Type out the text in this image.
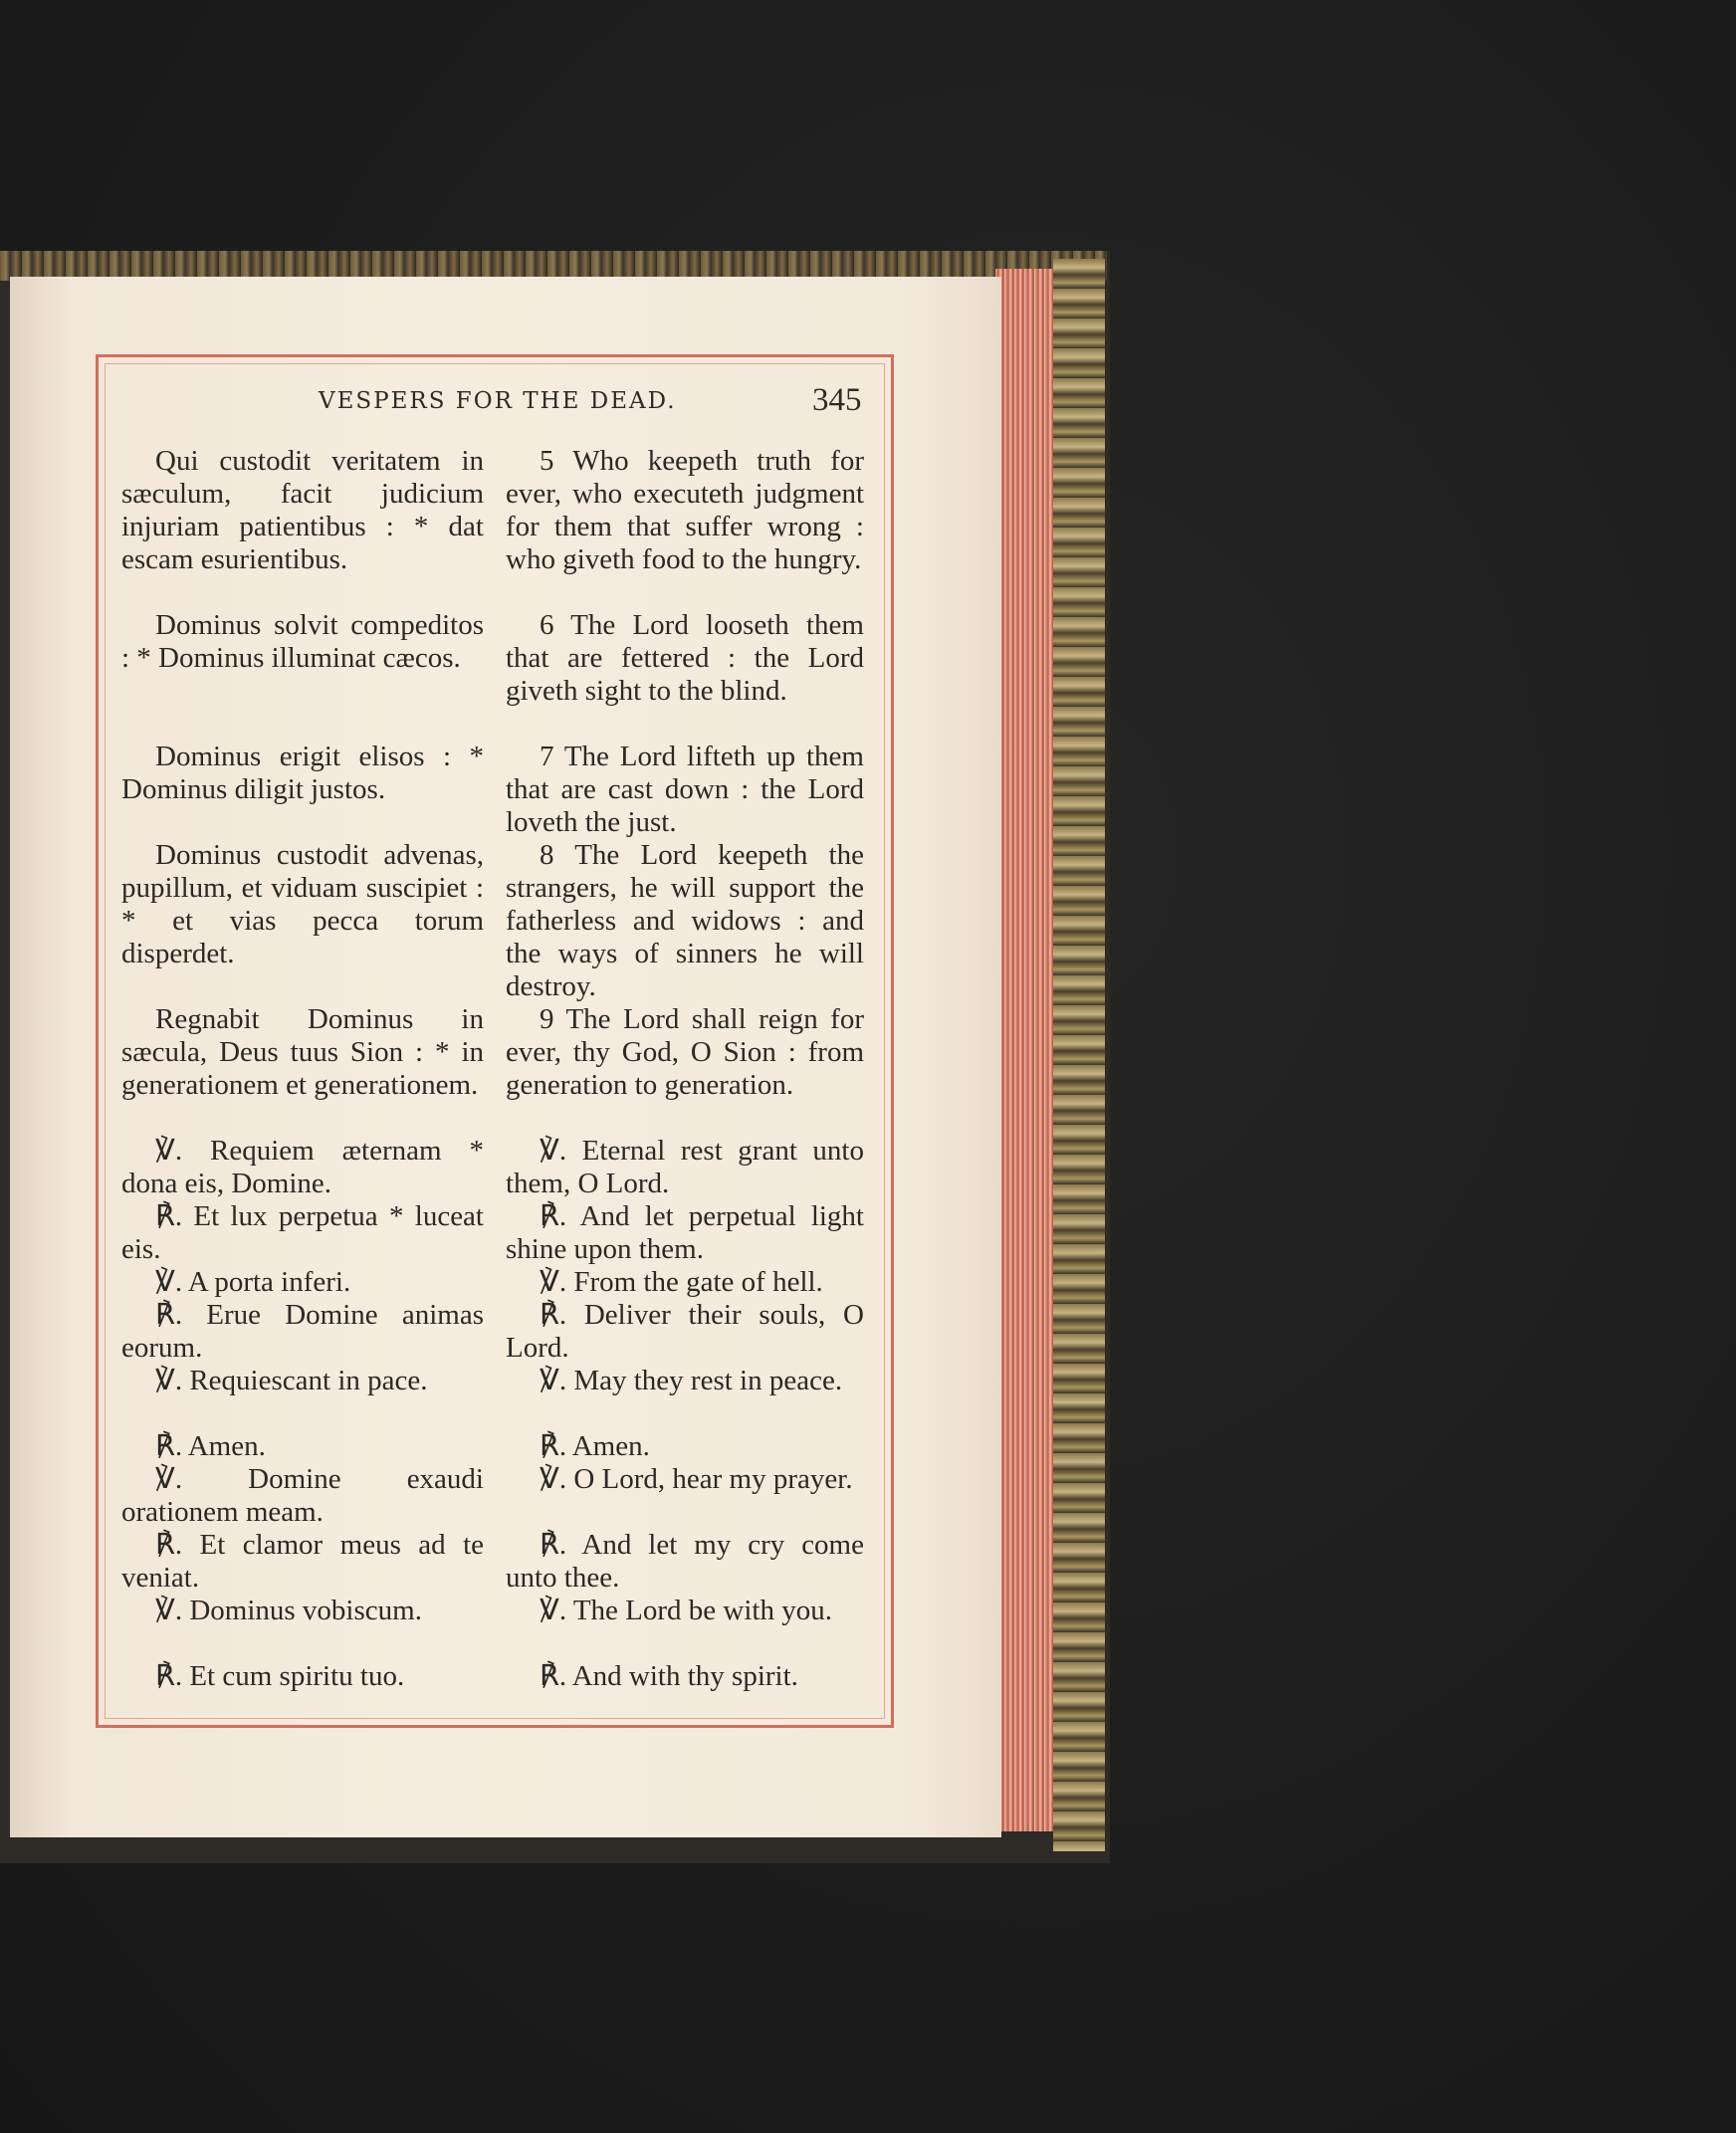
VESPERS FOR THE DEAD.	345
Qui custodit veritatem in sæculum, facit judicium injuriam patientibus : * dat escam esurientibus.
Dominus solvit compeditos : * Dominus illuminat cæcos.
Dominus erigit elisos : * Dominus diligit justos.
Dominus custodit advenas, pupillum, et viduam suscipiet : * et vias pecca torum disperdet.
Regnabit Dominus in sæcula, Deus tuus Sion : * in generationem et generationem.
℣. Requiem æternam * dona eis, Domine.
℟. Et lux perpetua * luceat eis.
℣. A porta inferi.
℟. Erue Domine animas eorum.
℣. Requiescant in pace.
℟. Amen.
℣. Domine exaudi orationem meam.
℟. Et clamor meus ad te veniat.
℣. Dominus vobiscum.
℟. Et cum spiritu tuo.
5 Who keepeth truth for ever, who executeth judgment for them that suffer wrong : who giveth food to the hungry.
6 The Lord looseth them that are fettered : the Lord giveth sight to the blind.
7 The Lord lifteth up them that are cast down : the Lord loveth the just.
8 The Lord keepeth the strangers, he will support the fatherless and widows : and the ways of sinners he will destroy.
9 The Lord shall reign for ever, thy God, O Sion : from generation to generation.
℣. Eternal rest grant unto them, O Lord.
℟. And let perpetual light shine upon them.
℣. From the gate of hell.
℟. Deliver their souls, O Lord.
℣. May they rest in peace.
℟. Amen.
℣. O Lord, hear my prayer.
℟. And let my cry come unto thee.
℣. The Lord be with you.
℟. And with thy spirit.
